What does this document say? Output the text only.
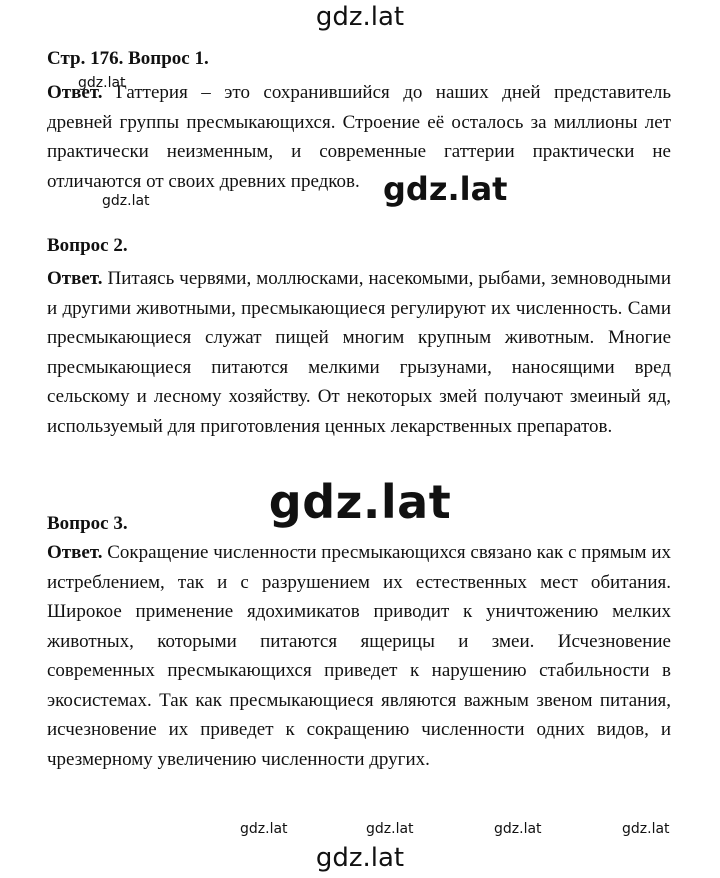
gdz.lat
Стр. 176. Вопрос 1.

Ответ. Гаттерия – это сохранившийся до наших дней представитель древней группы пресмыкающихся. Строение её осталось за миллионы лет практически неизменным, и современные гаттерии практически не отличаются от своих древних предков.

Вопрос 2.

Ответ. Питаясь червями, моллюсками, насекомыми, рыбами, земноводными и другими животными, пресмыкающиеся регулируют их численность. Сами пресмыкающиеся служат пищей многим крупным животным. Многие пресмыкающиеся питаются мелкими грызунами, наносящими вред сельскому и лесному хозяйству. От некоторых змей получают змеиный яд, используемый для приготовления ценных лекарственных препаратов.

Вопрос 3.

Ответ. Сокращение численности пресмыкающихся связано как с прямым их истреблением, так и с разрушением их естественных мест обитания. Широкое применение ядохимикатов приводит к уничтожению мелких животных, которыми питаются ящерицы и змеи. Исчезновение современных пресмыкающихся приведет к нарушению стабильности в экосистемах. Так как пресмыкающиеся являются важным звеном питания, исчезновение их приведет к сокращению численности одних видов, и чрезмерному увеличению численности других.

gdz.lat
gdz.lat	gdz.lat
gdz.lat
gdz.lat	gdz.lat	gdz.lat	gdz.lat
gdz.lat
